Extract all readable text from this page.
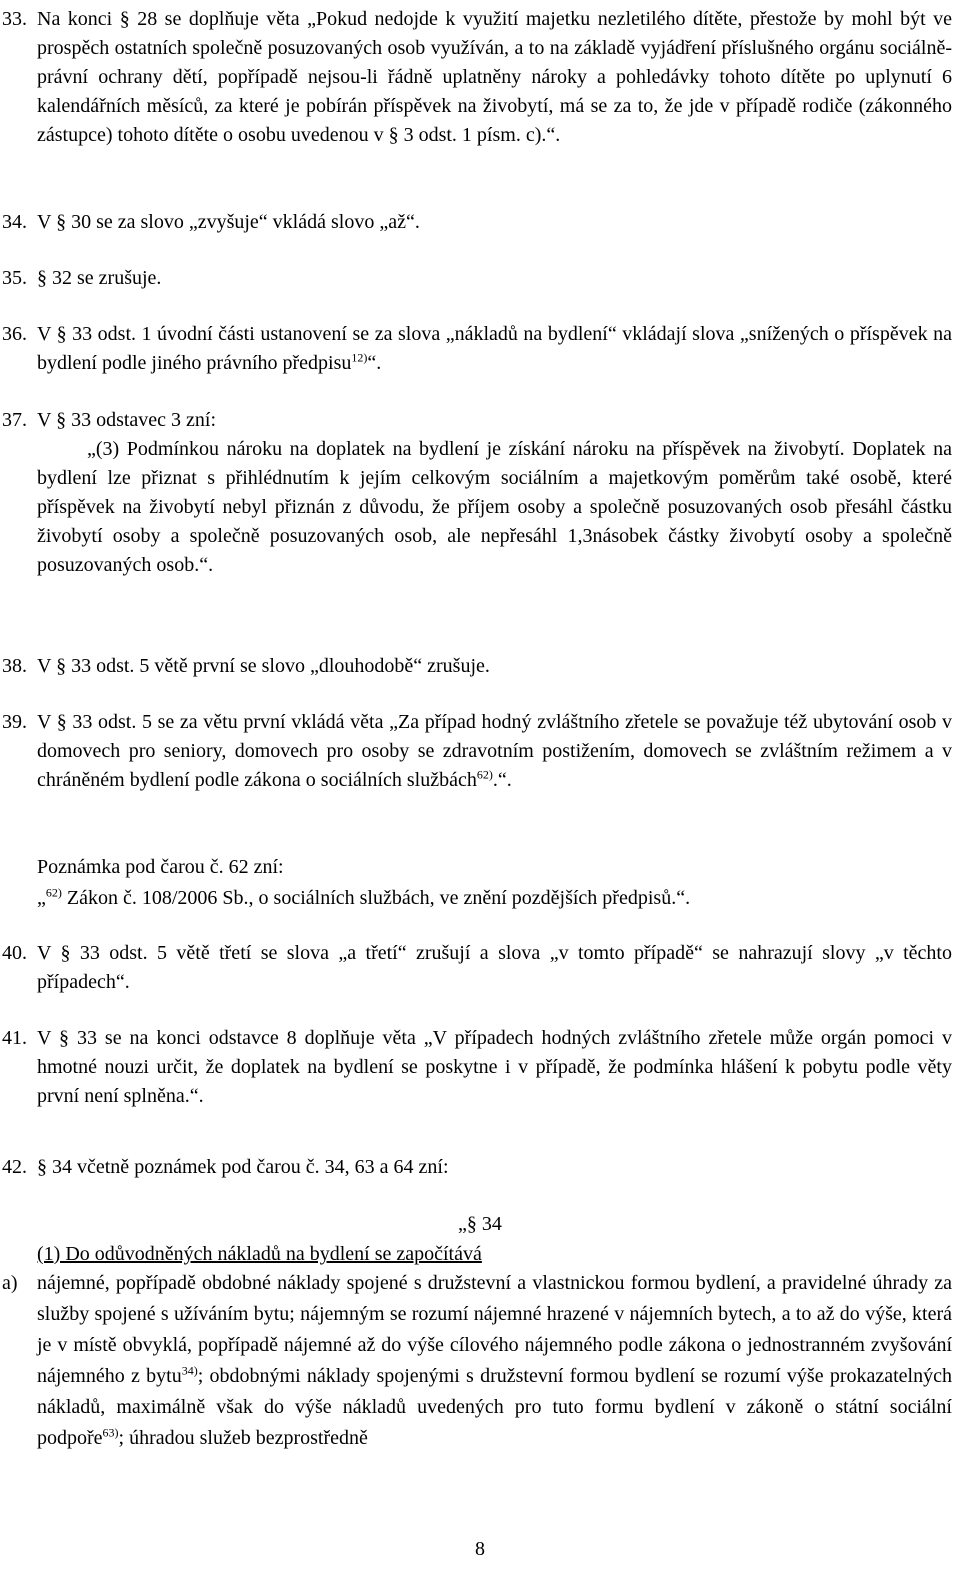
33. Na konci § 28 se doplňuje věta „Pokud nedojde k využití majetku nezletilého dítěte, přestože by mohl být ve prospěch ostatních společně posuzovaných osob využíván, a to na základě vyjádření příslušného orgánu sociálně-právní ochrany dětí, popřípadě nejsou-li řádně uplatněny nároky a pohledávky tohoto dítěte po uplynutí 6 kalendářních měsíců, za které je pobírán příspěvek na živobytí, má se za to, že jde v případě rodiče (zákonného zástupce) tohoto dítěte o osobu uvedenou v § 3 odst. 1 písm. c).“.
34. V § 30 se za slovo „zvyšuje“ vkládá slovo „až“.
35. § 32 se zrušuje.
36. V § 33 odst. 1 úvodní části ustanovení se za slova „nákladů na bydlení“ vkládají slova „snížených o příspěvek na bydlení podle jiného právního předpisu$^{12)}$“.
37. V § 33 odstavec 3 zní:
„(3) Podmínkou nároku na doplatek na bydlení je získání nároku na příspěvek na živobytí. Doplatek na bydlení lze přiznat s přihlédnutím k jejím celkovým sociálním a majetkovým poměrům také osobě, které příspěvek na živobytí nebyl přiznán z důvodu, že příjem osoby a společně posuzovaných osob přesáhl částku živobytí osoby a společně posuzovaných osob, ale nepřesáhl 1,3násobek částky živobytí osoby a společně posuzovaných osob.“.
38. V § 33 odst. 5 větě první se slovo „dlouhodobě“ zrušuje.
39. V § 33 odst. 5 se za větu první vkládá věta „Za případ hodný zvláštního zřetele se považuje též ubytování osob v domovech pro seniory, domovech pro osoby se zdravotním postižením, domovech se zvláštním režimem a v chráněném bydlení podle zákona o sociálních službách$^{62)}$.“.
Poznámka pod čarou č. 62 zní:
„$^{62)}$ Zákon č. 108/2006 Sb., o sociálních službách, ve znění pozdějších předpisů.“.
40. V § 33 odst. 5 větě třetí se slova „a třetí“ zrušují a slova „v tomto případě“ se nahrazují slovy „v těchto případech“.
41. V § 33 se na konci odstavce 8 doplňuje věta „V případech hodných zvláštního zřetele může orgán pomoci v hmotné nouzi určit, že doplatek na bydlení se poskytne i v případě, že podmínka hlášení k pobytu podle věty první není splněna.“.
42. § 34 včetně poznámek pod čarou č. 34, 63 a 64 zní:
„§ 34
(1) Do odůvodněných nákladů na bydlení se započítává
a) nájemné, popřípadě obdobné náklady spojené s družstevní a vlastnickou formou bydlení, a pravidelné úhrady za služby spojené s užíváním bytu; nájemným se rozumí nájemné hrazené v nájemních bytech, a to až do výše, která je v místě obvyklá, popřípadě nájemné až do výše cílového nájemného podle zákona o jednostranném zvyšování nájemného z bytu$^{34)}$; obdobnými náklady spojenými s družstevní formou bydlení se rozumí výše prokazatelných nákladů, maximálně však do výše nákladů uvedených pro tuto formu bydlení v zákoně o státní sociální podpoře$^{63)}$; úhradou služeb bezprostředně
8
